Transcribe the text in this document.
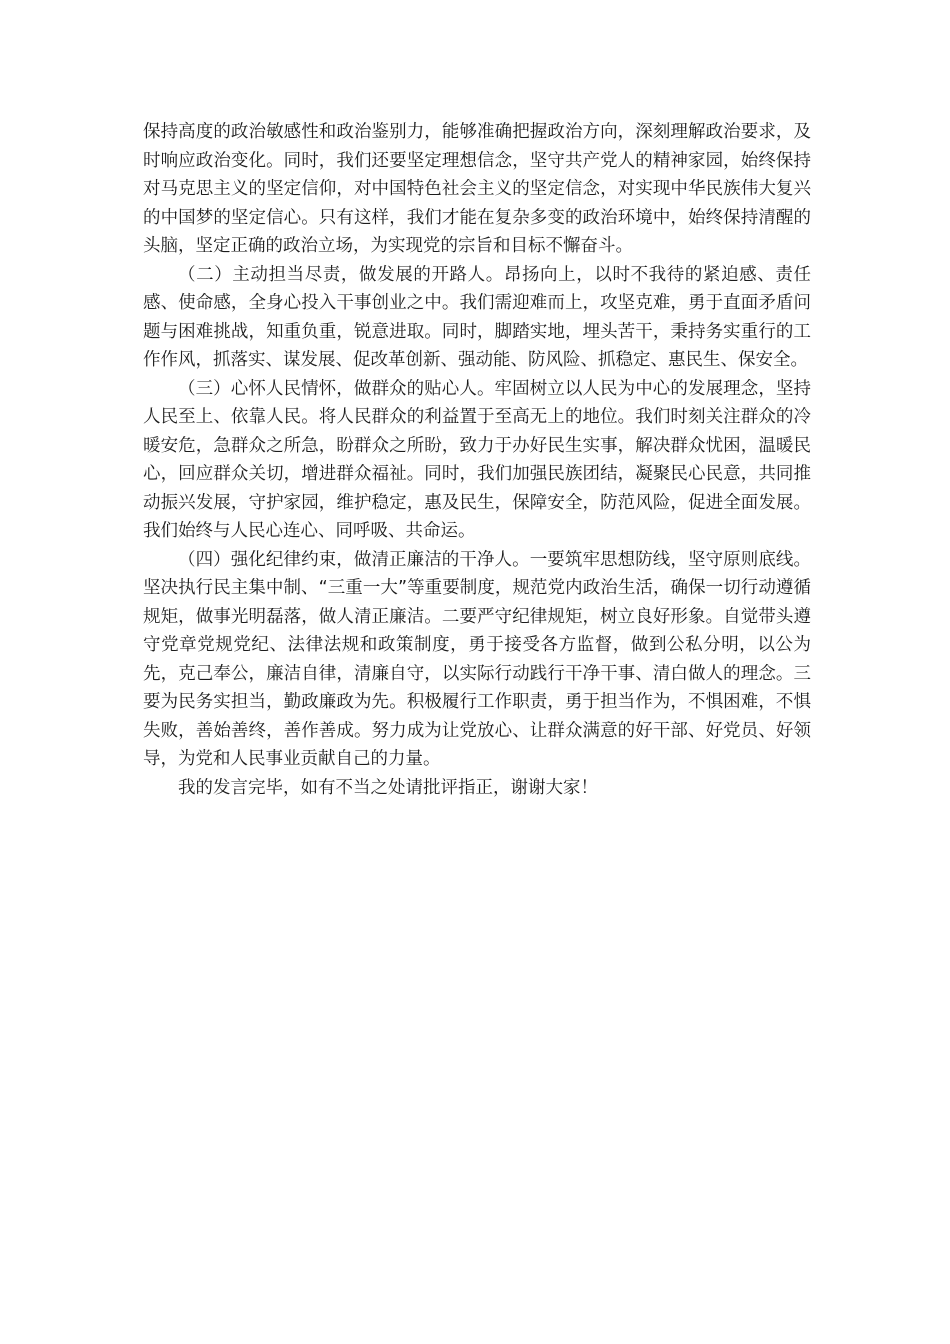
保持高度的政治敏感性和政治鉴别力，能够准确把握政治方向，深刻理解政治要求，及时响应政治变化。同时，我们还要坚定理想信念，坚守共产党人的精神家园，始终保持对马克思主义的坚定信仰，对中国特色社会主义的坚定信念，对实现中华民族伟大复兴的中国梦的坚定信心。只有这样，我们才能在复杂多变的政治环境中，始终保持清醒的头脑，坚定正确的政治立场，为实现党的宗旨和目标不懈奋斗。

（二）主动担当尽责，做发展的开路人。昂扬向上，以时不我待的紧迫感、责任感、使命感，全身心投入干事创业之中。我们需迎难而上，攻坚克难，勇于直面矛盾问题与困难挑战，知重负重，锐意进取。同时，脚踏实地，埋头苦干，秉持务实重行的工作作风，抓落实、谋发展、促改革创新、强动能、防风险、抓稳定、惠民生、保安全。

（三）心怀人民情怀，做群众的贴心人。牢固树立以人民为中心的发展理念，坚持人民至上、依靠人民。将人民群众的利益置于至高无上的地位。我们时刻关注群众的冷暖安危，急群众之所急，盼群众之所盼，致力于办好民生实事，解决群众忧困，温暖民心，回应群众关切，增进群众福祉。同时，我们加强民族团结，凝聚民心民意，共同推动振兴发展，守护家园，维护稳定，惠及民生，保障安全，防范风险，促进全面发展。我们始终与人民心连心、同呼吸、共命运。

（四）强化纪律约束，做清正廉洁的干净人。一要筑牢思想防线，坚守原则底线。坚决执行民主集中制、“三重一大”等重要制度，规范党内政治生活，确保一切行动遵循规矩，做事光明磊落，做人清正廉洁。二要严守纪律规矩，树立良好形象。自觉带头遵守党章党规党纪、法律法规和政策制度，勇于接受各方监督，做到公私分明，以公为先，克己奉公，廉洁自律，清廉自守，以实际行动践行干净干事、清白做人的理念。三要为民务实担当，勤政廉政为先。积极履行工作职责，勇于担当作为，不惧困难，不惧失败，善始善终，善作善成。努力成为让党放心、让群众满意的好干部、好党员、好领导，为党和人民事业贡献自己的力量。

我的发言完毕，如有不当之处请批评指正，谢谢大家！
